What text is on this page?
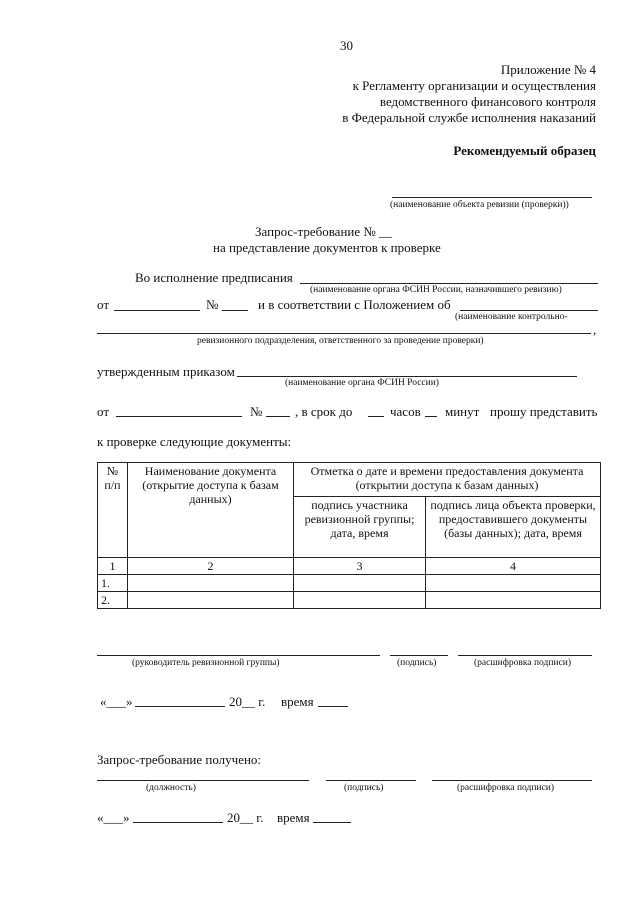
30
Приложение № 4
к Регламенту организации и осуществления
ведомственного финансового контроля
в Федеральной службе исполнения наказаний
Рекомендуемый образец
(наименование объекта ревизии (проверки))
Запрос-требование № __
на представление документов к проверке
Во исполнение предписания
(наименование органа ФСИН России, назначившего ревизию)
от	№	и в соответствии с Положением об
(наименование контрольно-
,
ревизионного подразделения, ответственного за проведение проверки)
утвержденным приказом
(наименование органа ФСИН России)
от	№	, в срок до	часов минут прошу представить
к проверке следующие документы:
№ п/п	Наименование документа (открытие доступа к базам данных)	Отметка о дате и времени предоставления документа (открытии доступа к базам данных)	
		подпись участника ревизионной группы; дата, время	подпись лица объекта проверки, предоставившего документы (базы данных); дата, время
1	2	3	4
1.			
2.			
(руководитель ревизионной группы)	(подпись)	(расшифровка подписи)
«___»	20__ г. время
Запрос-требование получено:
(должность)	(подпись)	(расшифровка подписи)
«___»	20__ г. время
